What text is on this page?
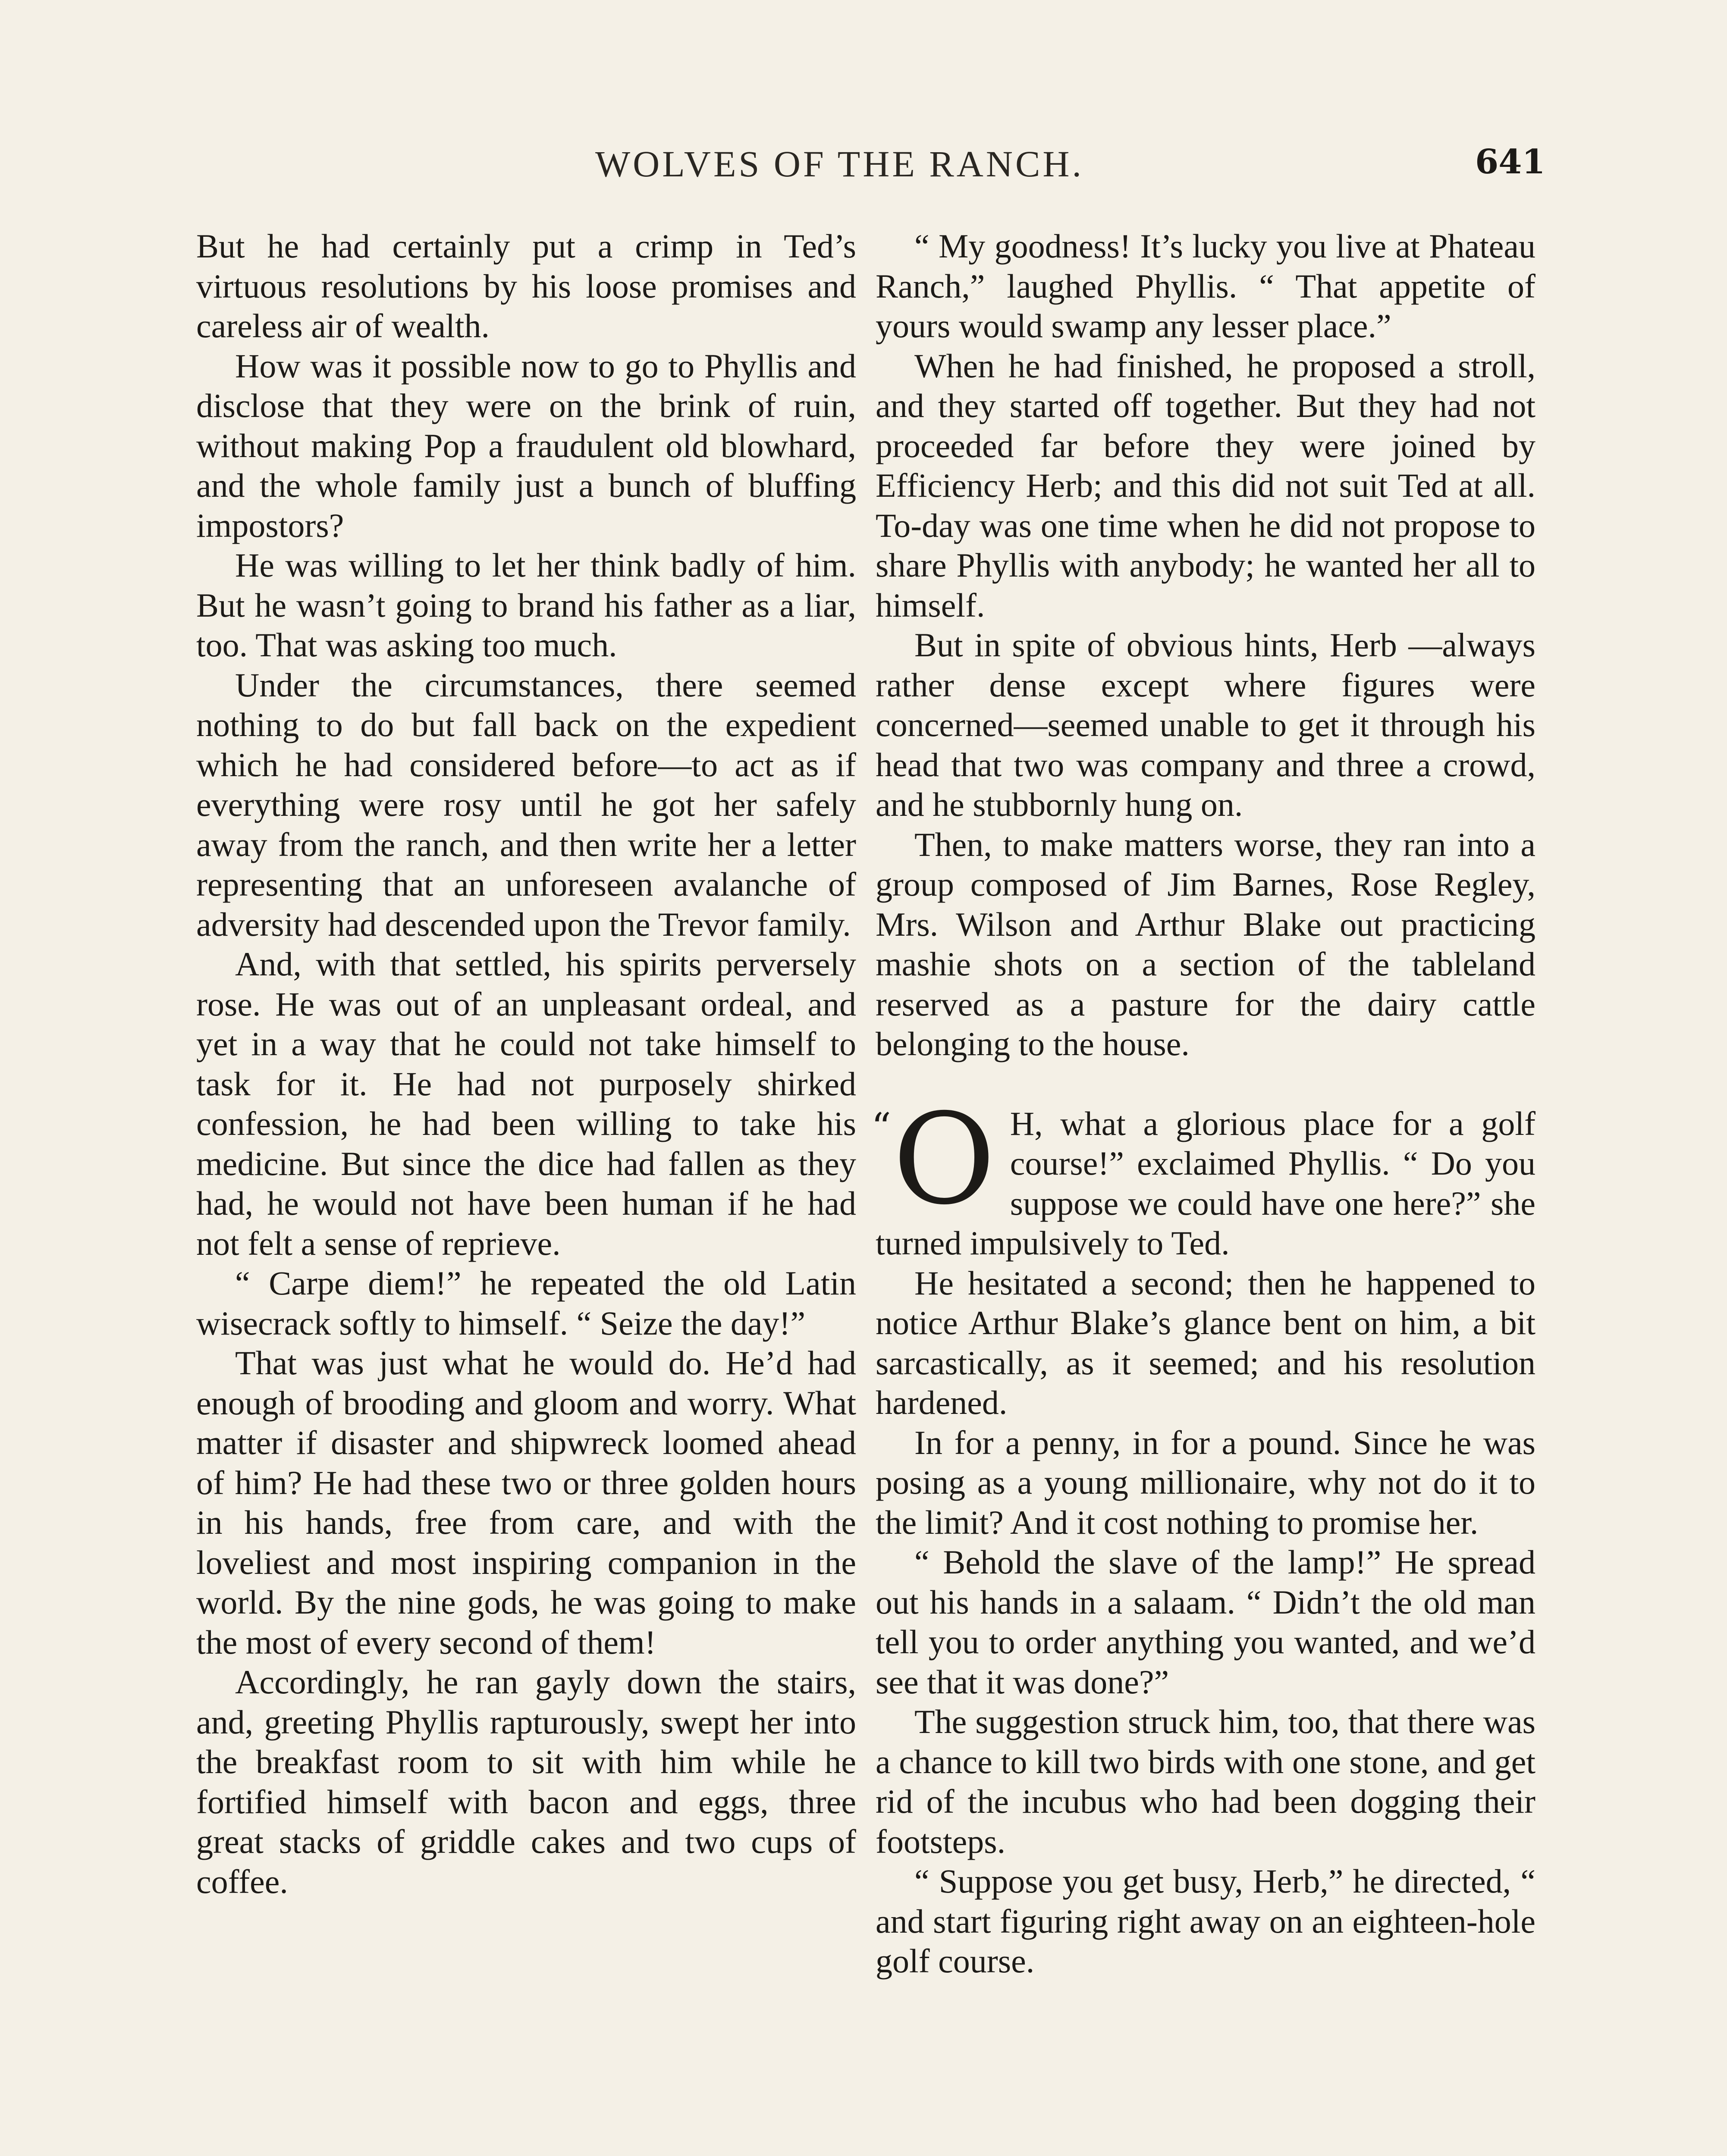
WOLVES OF THE RANCH.	641

But he had certainly put a crimp in Ted’s virtuous resolutions by his loose promises and careless air of wealth.

How was it possible now to go to Phyllis and disclose that they were on the brink of ruin, without making Pop a fraudulent old blowhard, and the whole family just a bunch of bluffing impostors?

He was willing to let her think badly of him. But he wasn’t going to brand his father as a liar, too. That was asking too much.

Under the circumstances, there seemed nothing to do but fall back on the expedient which he had considered before—to act as if everything were rosy until he got her safely away from the ranch, and then write her a letter representing that an unforeseen avalanche of adversity had descended upon the Trevor family.

And, with that settled, his spirits perversely rose. He was out of an unpleasant ordeal, and yet in a way that he could not take himself to task for it. He had not purposely shirked confession, he had been willing to take his medicine. But since the dice had fallen as they had, he would not have been human if he had not felt a sense of reprieve.

“ Carpe diem!” he repeated the old Latin wisecrack softly to himself. “ Seize the day!”

That was just what he would do. He’d had enough of brooding and gloom and worry. What matter if disaster and shipwreck loomed ahead of him? He had these two or three golden hours in his hands, free from care, and with the loveliest and most inspiring companion in the world. By the nine gods, he was going to make the most of every second of them!

Accordingly, he ran gayly down the stairs, and, greeting Phyllis rapturously, swept her into the breakfast room to sit with him while he fortified himself with bacon and eggs, three great stacks of griddle cakes and two cups of coffee.

“ My goodness! It’s lucky you live at Phateau Ranch,” laughed Phyllis. “ That appetite of yours would swamp any lesser place.”

When he had finished, he proposed a stroll, and they started off together. But they had not proceeded far before they were joined by Efficiency Herb; and this did not suit Ted at all. To-day was one time when he did not propose to share Phyllis with anybody; he wanted her all to himself.

But in spite of obvious hints, Herb —always rather dense except where figures were concerned—seemed unable to get it through his head that two was company and three a crowd, and he stubbornly hung on.

Then, to make matters worse, they ran into a group composed of Jim Barnes, Rose Regley, Mrs. Wilson and Arthur Blake out practicing mashie shots on a section of the tableland reserved as a pasture for the dairy cattle belonging to the house.

“ O H, what a glorious place for a golf course!” exclaimed Phyllis. “ Do you suppose we could have one here?” she turned impulsively to Ted.

He hesitated a second; then he happened to notice Arthur Blake’s glance bent on him, a bit sarcastically, as it seemed; and his resolution hardened.

In for a penny, in for a pound. Since he was posing as a young millionaire, why not do it to the limit? And it cost nothing to promise her.

“ Behold the slave of the lamp!” He spread out his hands in a salaam. “ Didn’t the old man tell you to order anything you wanted, and we’d see that it was done?”

The suggestion struck him, too, that there was a chance to kill two birds with one stone, and get rid of the incubus who had been dogging their footsteps.

“ Suppose you get busy, Herb,” he directed, “ and start figuring right away on an eighteen-hole golf course.
